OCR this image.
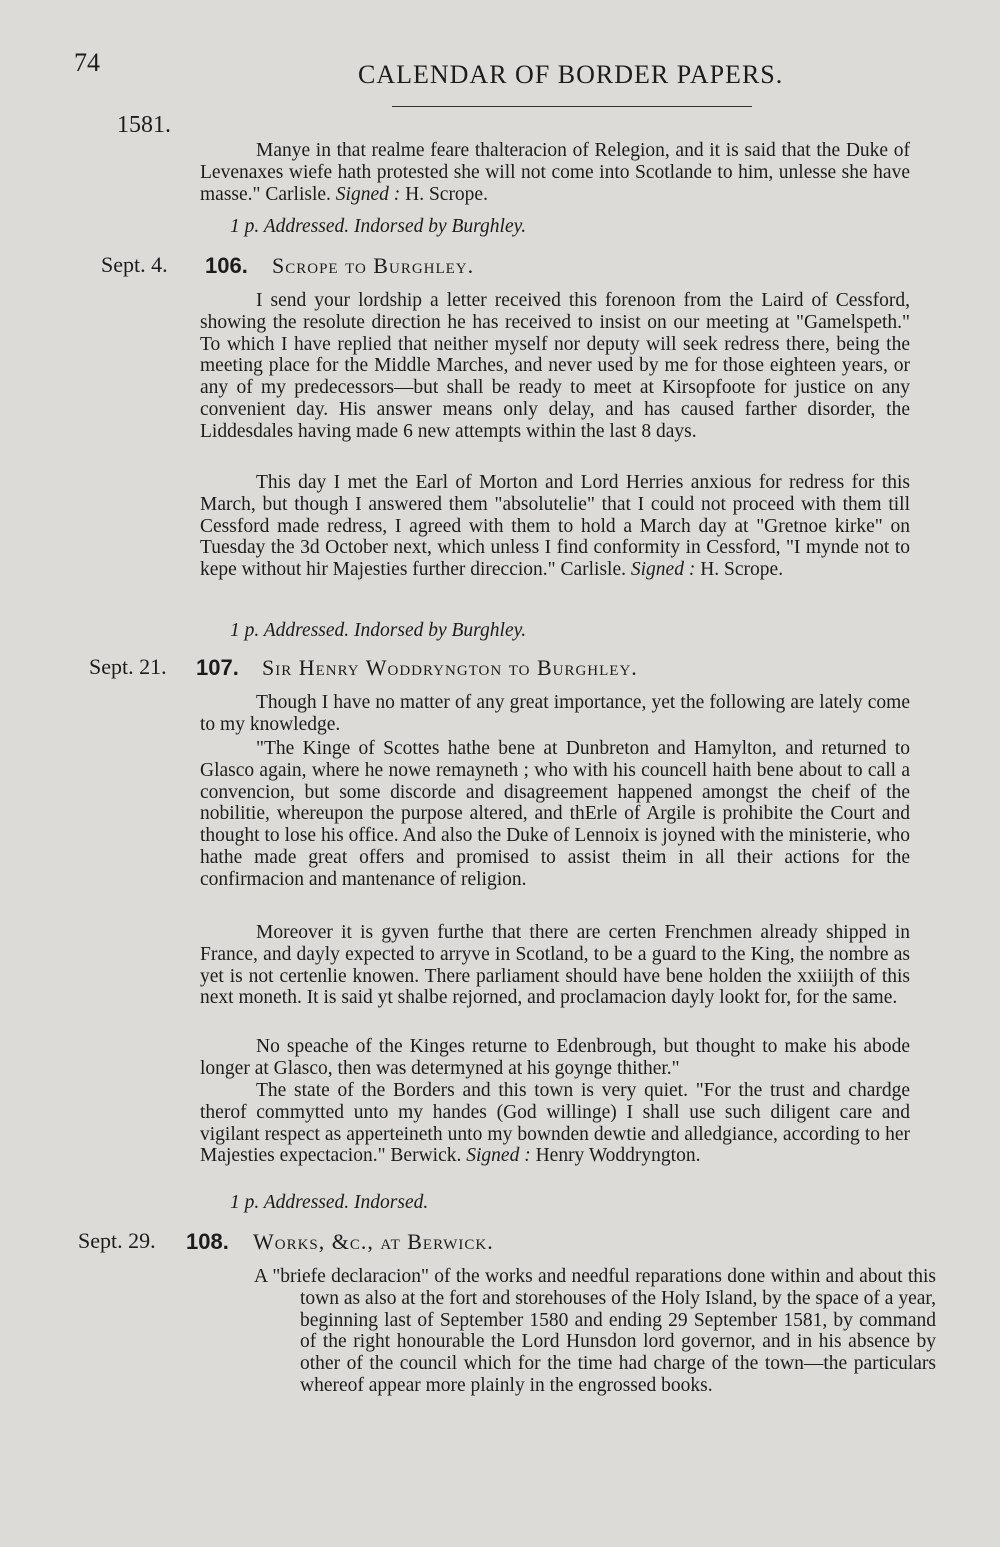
74	CALENDAR OF BORDER PAPERS.
1581.

Manye in that realme feare thalteracion of Relegion, and it is said that the Duke of Levenaxes wiefe hath protested she will not come into Scotlande to him, unlesse she have masse." Carlisle. Signed : H. Scrope.

1 p. Addressed. Indorsed by Burghley.
Sept. 4. 106. Scrope to Burghley.

I send your lordship a letter received this forenoon from the Laird of Cessford, showing the resolute direction he has received to insist on our meeting at "Gamelspeth." To which I have replied that neither myself nor deputy will seek redress there, being the meeting place for the Middle Marches, and never used by me for those eighteen years, or any of my predecessors—but shall be ready to meet at Kirsopfoote for justice on any convenient day. His answer means only delay, and has caused farther disorder, the Liddesdales having made 6 new attempts within the last 8 days.

This day I met the Earl of Morton and Lord Herries anxious for redress for this March, but though I answered them "absolutelie" that I could not proceed with them till Cessford made redress, I agreed with them to hold a March day at "Gretnoe kirke" on Tuesday the 3d October next, which unless I find conformity in Cessford, "I mynde not to kepe without hir Majesties further direccion." Carlisle. Signed : H. Scrope.

1 p. Addressed. Indorsed by Burghley.
Sept. 21. 107. Sir Henry Woddryngton to Burghley.

Though I have no matter of any great importance, yet the following are lately come to my knowledge.

"The Kinge of Scottes hathe bene at Dunbreton and Hamylton, and returned to Glasco again, where he nowe remayneth ; who with his councell haith bene about to call a convencion, but some discorde and disagreement happened amongst the cheif of the nobilitie, whereupon the purpose altered, and thErle of Argile is prohibite the Court and thought to lose his office. And also the Duke of Lennoix is joyned with the ministerie, who hathe made great offers and promised to assist theim in all their actions for the confirmacion and mantenance of religion.

Moreover it is gyven furthe that there are certen Frenchmen already shipped in France, and dayly expected to arryve in Scotland, to be a guard to the King, the nombre as yet is not certenlie knowen. There parliament should have bene holden the xxiiijth of this next moneth. It is said yt shalbe rejorned, and proclamacion dayly lookt for, for the same.

No speache of the Kinges returne to Edenbrough, but thought to make his abode longer at Glasco, then was determyned at his goynge thither."

The state of the Borders and this town is very quiet. "For the trust and chardge therof commytted unto my handes (God willinge) I shall use such diligent care and vigilant respect as apperteineth unto my bownden dewtie and alledgiance, according to her Majesties expectacion." Berwick. Signed : Henry Woddryngton.

1 p. Addressed. Indorsed.
Sept. 29. 108. Works, &c., at Berwick.

A "briefe declaracion" of the works and needful reparations done within and about this town as also at the fort and storehouses of the Holy Island, by the space of a year, beginning last of September 1580 and ending 29 September 1581, by command of the right honourable the Lord Hunsdon lord governor, and in his absence by other of the council which for the time had charge of the town—the particulars whereof appear more plainly in the engrossed books.
